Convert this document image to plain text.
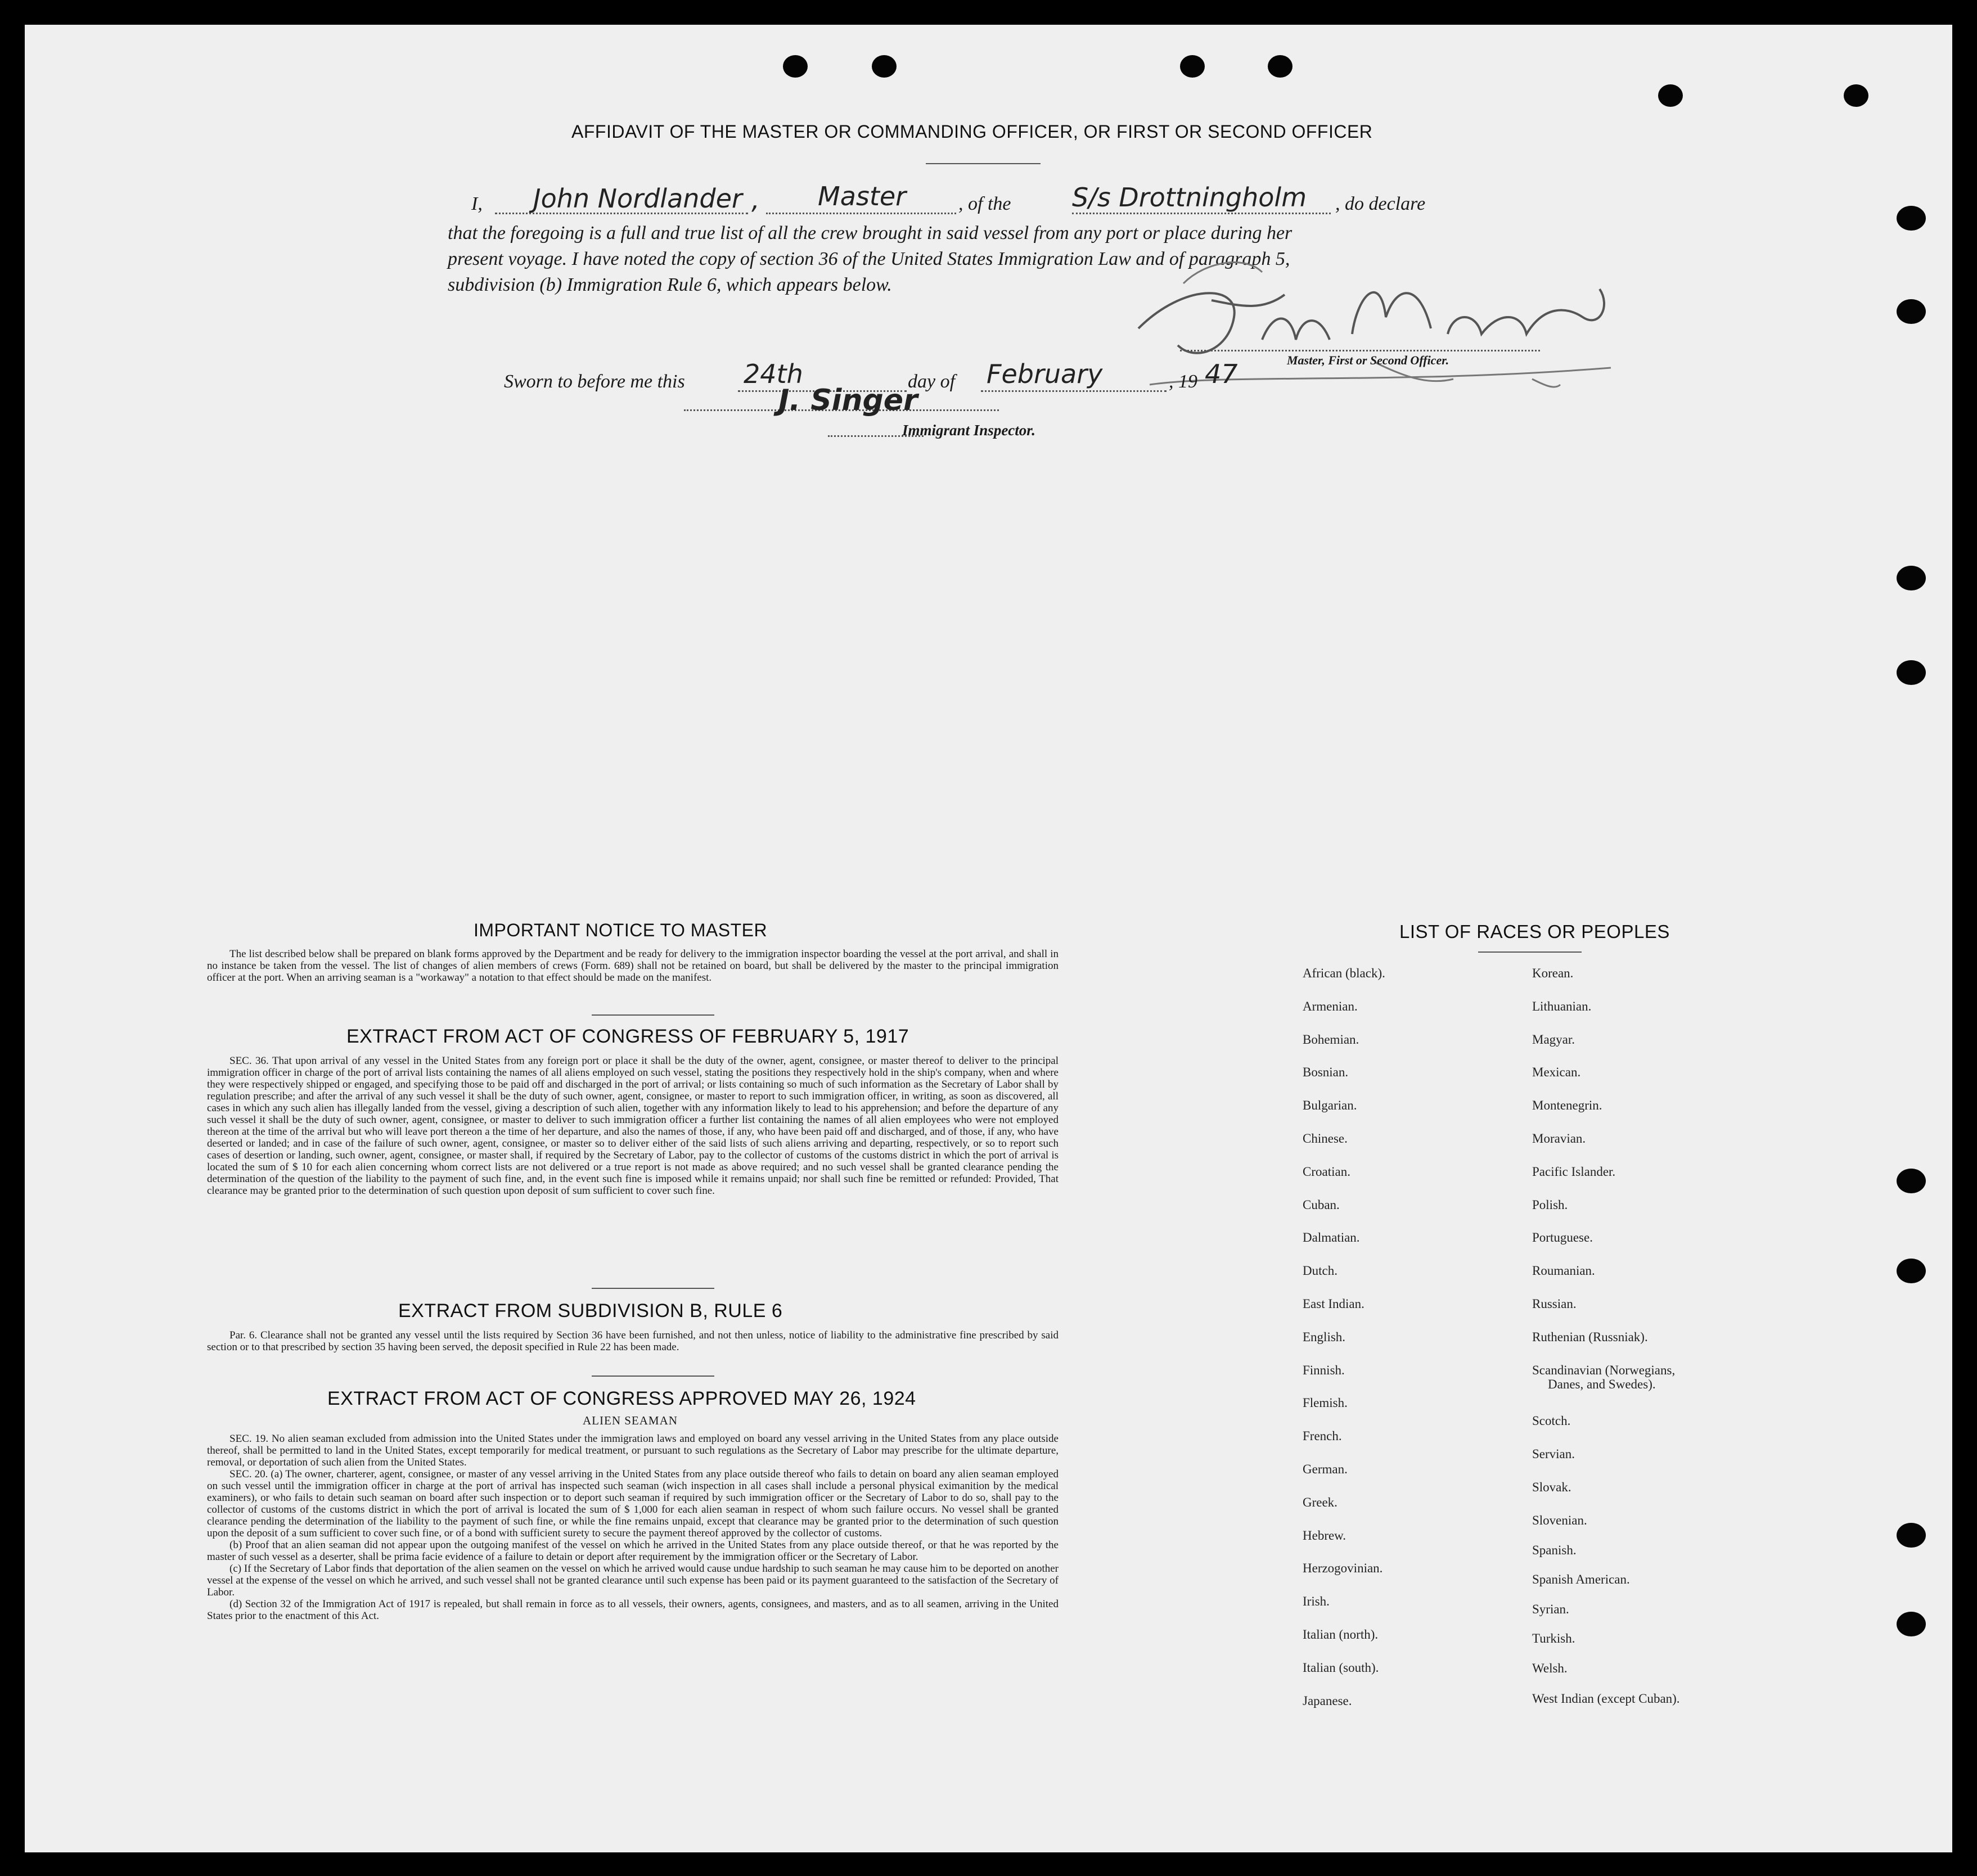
AFFIDAVIT OF THE MASTER OR COMMANDING OFFICER, OR FIRST OR SECOND OFFICER
I, John Nordlander , Master	, of the S/s Drottningholm , do declare
that the foregoing is a full and true list of all the crew brought in said vessel from any port or place during her
present voyage. I have noted the copy of section 36 of the United States Immigration Law and of paragraph 5,
subdivision (b) Immigration Rule 6, which appears below.
Master, First or Second Officer.
Sworn to before me this 24th	day of February	, 19 47
J. Singer
Immigrant Inspector.
IMPORTANT NOTICE TO MASTER

The list described below shall be prepared on blank forms approved by the Department and be ready for delivery to the immigration inspector boarding the vessel at the port arrival, and shall in no instance be taken from the vessel. The list of changes of alien members of crews (Form. 689) shall not be retained on board, but shall be delivered by the master to the principal immigration officer at the port. When an arriving seaman is a "workaway" a notation to that effect should be made on the manifest.

EXTRACT FROM ACT OF CONGRESS OF FEBRUARY 5, 1917

SEC. 36. That upon arrival of any vessel in the United States from any foreign port or place it shall be the duty of the owner, agent, consignee, or master thereof to deliver to the principal immigration officer in charge of the port of arrival lists containing the names of all aliens employed on such vessel, stating the positions they respectively hold in the ship's company, when and where they were respectively shipped or engaged, and specifying those to be paid off and discharged in the port of arrival; or lists containing so much of such information as the Secretary of Labor shall by regulation prescribe; and after the arrival of any such vessel it shall be the duty of such owner, agent, consignee, or master to report to such immigration officer, in writing, as soon as discovered, all cases in which any such alien has illegally landed from the vessel, giving a description of such alien, together with any information likely to lead to his apprehension; and before the departure of any such vessel it shall be the duty of such owner, agent, consignee, or master to deliver to such immigration officer a further list containing the names of all alien employees who were not employed thereon at the time of the arrival but who will leave port thereon a the time of her departure, and also the names of those, if any, who have been paid off and discharged, and of those, if any, who have deserted or landed; and in case of the failure of such owner, agent, consignee, or master so to deliver either of the said lists of such aliens arriving and departing, respectively, or so to report such cases of desertion or landing, such owner, agent, consignee, or master shall, if required by the Secretary of Labor, pay to the collector of customs of the customs district in which the port of arrival is located the sum of $ 10 for each alien concerning whom correct lists are not delivered or a true report is not made as above required; and no such vessel shall be granted clearance pending the determination of the question of the liability to the payment of such fine, and, in the event such fine is imposed while it remains unpaid; nor shall such fine be remitted or refunded: Provided, That clearance may be granted prior to the determination of such question upon deposit of sum sufficient to cover such fine.

EXTRACT FROM SUBDIVISION B, RULE 6

Par. 6. Clearance shall not be granted any vessel until the lists required by Section 36 have been furnished, and not then unless, notice of liability to the administrative fine prescribed by said section or to that prescribed by section 35 having been served, the deposit specified in Rule 22 has been made.

EXTRACT FROM ACT OF CONGRESS APPROVED MAY 26, 1924
ALIEN SEAMAN

SEC. 19. No alien seaman excluded from admission into the United States under the immigration laws and employed on board any vessel arriving in the United States from any place outside thereof, shall be permitted to land in the United States, except temporarily for medical treatment, or pursuant to such regulations as the Secretary of Labor may prescribe for the ultimate departure, removal, or deportation of such alien from the United States.

SEC. 20. (a) The owner, charterer, agent, consignee, or master of any vessel arriving in the United States from any place outside thereof who fails to detain on board any alien seaman employed on such vessel until the immigration officer in charge at the port of arrival has inspected such seaman (wich inspection in all cases shall include a personal physical eximanition by the medical examiners), or who fails to detain such seaman on board after such inspection or to deport such seaman if required by such immigration officer or the Secretary of Labor to do so, shall pay to the collector of customs of the customs district in which the port of arrival is located the sum of $ 1,000 for each alien seaman in respect of whom such failure occurs. No vessel shall be granted clearance pending the determination of the liability to the payment of such fine, or while the fine remains unpaid, except that clearance may be granted prior to the determination of such question upon the deposit of a sum sufficient to cover such fine, or of a bond with sufficient surety to secure the payment thereof approved by the collector of customs.

(b) Proof that an alien seaman did not appear upon the outgoing manifest of the vessel on which he arrived in the United States from any place outside thereof, or that he was reported by the master of such vessel as a deserter, shall be prima facie evidence of a failure to detain or deport after requirement by the immigration officer or the Secretary of Labor.

(c) If the Secretary of Labor finds that deportation of the alien seamen on the vessel on which he arrived would cause undue hardship to such seaman he may cause him to be deported on another vessel at the expense of the vessel on which he arrived, and such vessel shall not be granted clearance until such expense has been paid or its payment guaranteed to the satisfaction of the Secretary of Labor.

(d) Section 32 of the Immigration Act of 1917 is repealed, but shall remain in force as to all vessels, their owners, agents, consignees, and masters, and as to all seamen, arriving in the United States prior to the enactment of this Act.

LIST OF RACES OR PEOPLES
African (black).
Armenian.
Bohemian.
Bosnian.
Bulgarian.
Chinese.
Croatian.
Cuban.
Dalmatian.
Dutch.
East Indian.
English.
Finnish.
Flemish.
French.
German.
Greek.
Hebrew.
Herzogovinian.
Irish.
Italian (north).
Italian (south).
Japanese.
Korean.
Lithuanian.
Magyar.
Mexican.
Montenegrin.
Moravian.
Pacific Islander.
Polish.
Portuguese.
Roumanian.
Russian.
Ruthenian (Russniak).
Scandinavian (Norwegians,
Danes, and Swedes).
Scotch.
Servian.
Slovak.
Slovenian.
Spanish.
Spanish American.
Syrian.
Turkish.
Welsh.
West Indian (except Cuban).
